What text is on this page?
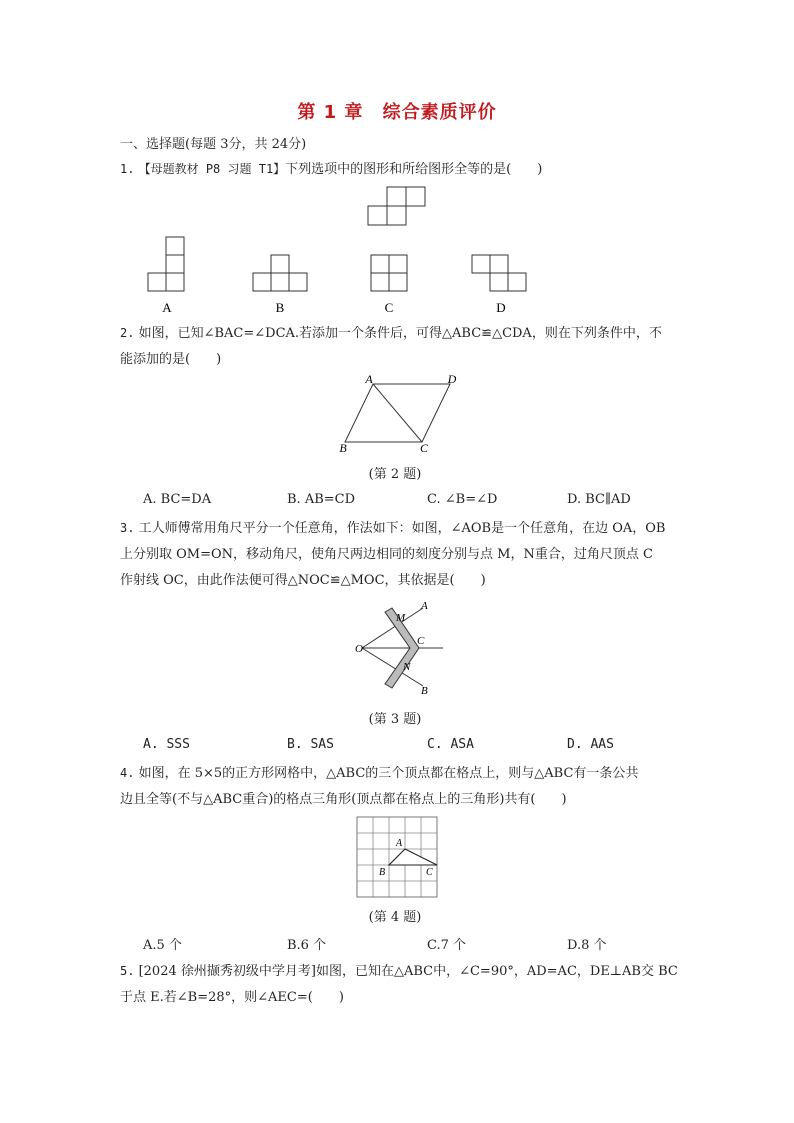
第 1 章 综合素质评价
一、选择题(每题 3分，共 24分)
1. 【母题教材 P8 习题 T1】下列选项中的图形和所给图形全等的是(　　)
A	B	C	D
2. 如图，已知∠BAC=∠DCA.若添加一个条件后，可得△ABC≌△CDA，则在下列条件中，不
能添加的是(　　)
A	D
B	C
(第 2 题)
A. BC=DA	B. AB=CD	C. ∠B=∠D	D. BC∥AD
3. 工人师傅常用角尺平分一个任意角，作法如下：如图，∠AOB是一个任意角，在边 OA，OB
上分别取 OM=ON，移动角尺，使角尺两边相同的刻度分别与点 M，N重合，过角尺顶点 C
作射线 OC，由此作法便可得△NOC≌△MOC，其依据是(　　)
O
M
A
C
N
B
(第 3 题)
A. SSS	B. SAS	C. ASA	D. AAS
4. 如图，在 5×5的正方形网格中，△ABC的三个顶点都在格点上，则与△ABC有一条公共
边且全等(不与△ABC重合)的格点三角形(顶点都在格点上的三角形)共有(　　)
A
B	C
(第 4 题)
A.5 个	B.6 个	C.7 个	D.8 个
5. [2024 徐州撷秀初级中学月考]如图，已知在△ABC中，∠C=90°，AD=AC，DE⊥AB交 BC
于点 E.若∠B=28°，则∠AEC=(　　)
